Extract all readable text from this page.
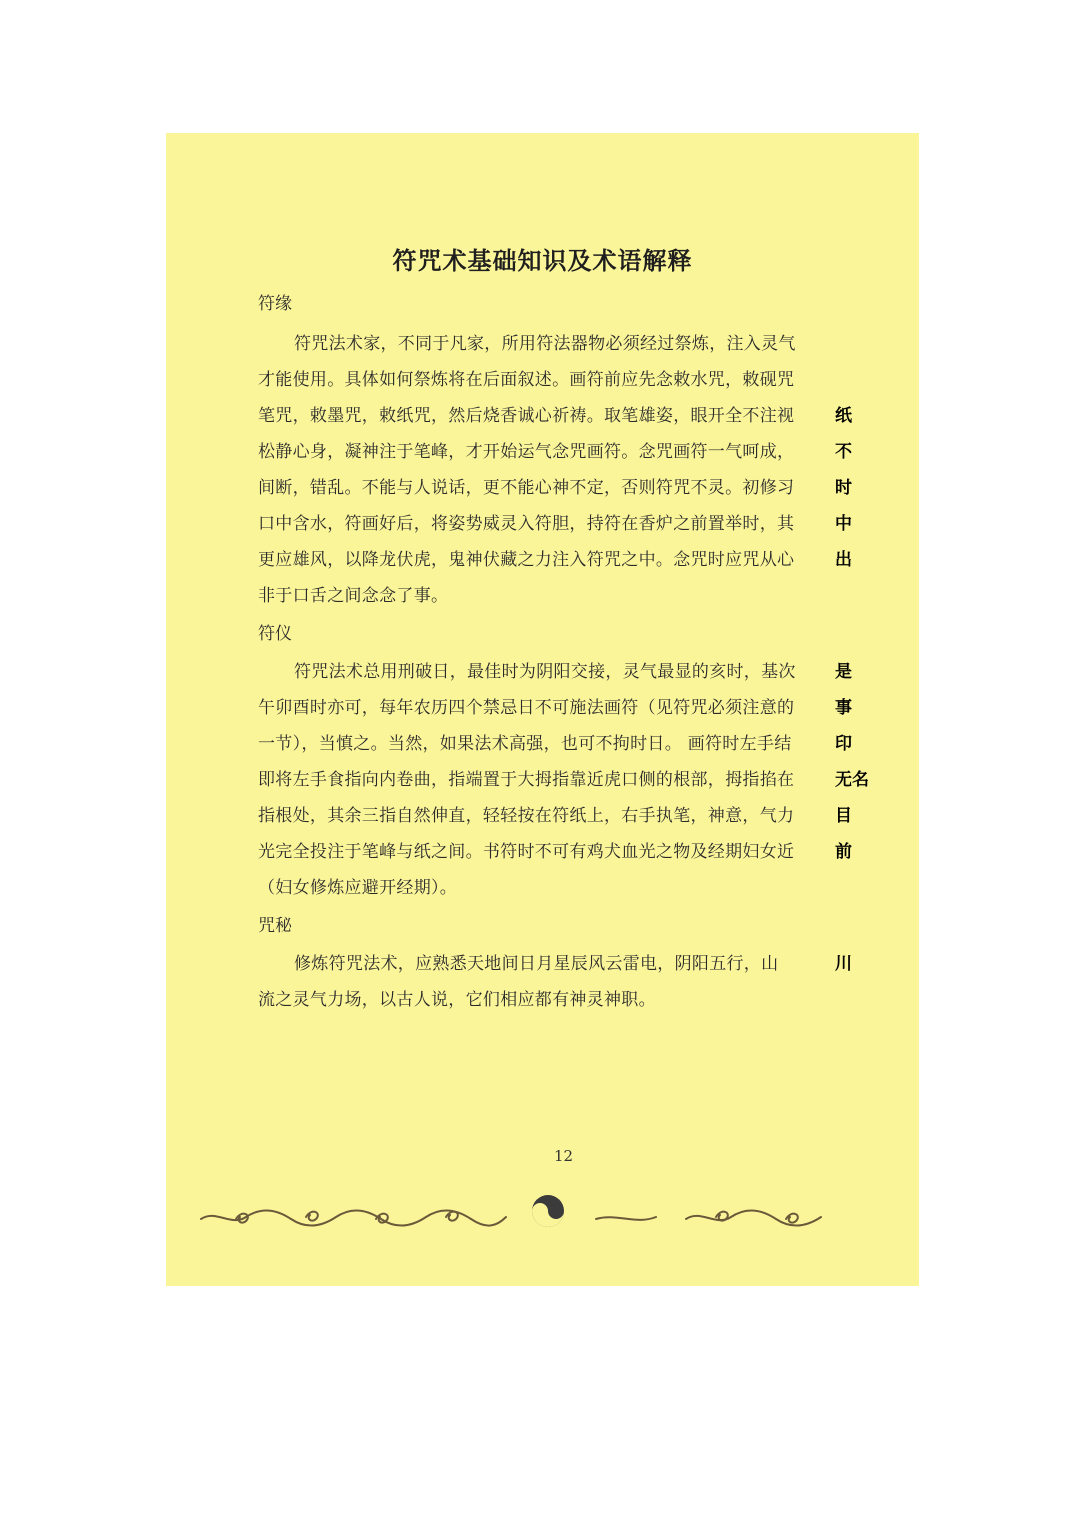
符咒术基础知识及术语解释
符缘
符咒法术家，不同于凡家，所用符法器物必须经过祭炼，注入灵气
才能使用。具体如何祭炼将在后面叙述。画符前应先念敕水咒，敕砚咒
笔咒，敕墨咒，敕纸咒，然后烧香诚心祈祷。取笔雄姿，眼开全不注视
松静心身，凝神注于笔峰，才开始运气念咒画符。念咒画符一气呵成，
间断，错乱。不能与人说话，更不能心神不定，否则符咒不灵。初修习
口中含水，符画好后，将姿势威灵入符胆，持符在香炉之前置举时，其
更应雄风，以降龙伏虎，鬼神伏藏之力注入符咒之中。念咒时应咒从心
非于口舌之间念念了事。
符仪
符咒法术总用刑破日，最佳时为阴阳交接，灵气最显的亥时，基次
午卯酉时亦可，每年农历四个禁忌日不可施法画符（见符咒必须注意的
一节），当慎之。当然，如果法术高强，也可不拘时日。 画符时左手结
即将左手食指向内卷曲，指端置于大拇指靠近虎口侧的根部，拇指掐在
指根处，其余三指自然伸直，轻轻按在符纸上，右手执笔，神意，气力
光完全投注于笔峰与纸之间。书符时不可有鸡犬血光之物及经期妇女近
（妇女修炼应避开经期）。
咒秘
修炼符咒法术，应熟悉天地间日月星辰风云雷电，阴阳五行，山
流之灵气力场，以古人说，它们相应都有神灵神职。
纸
不
时
中
出
是
事
印
无名
目
前
川
12
